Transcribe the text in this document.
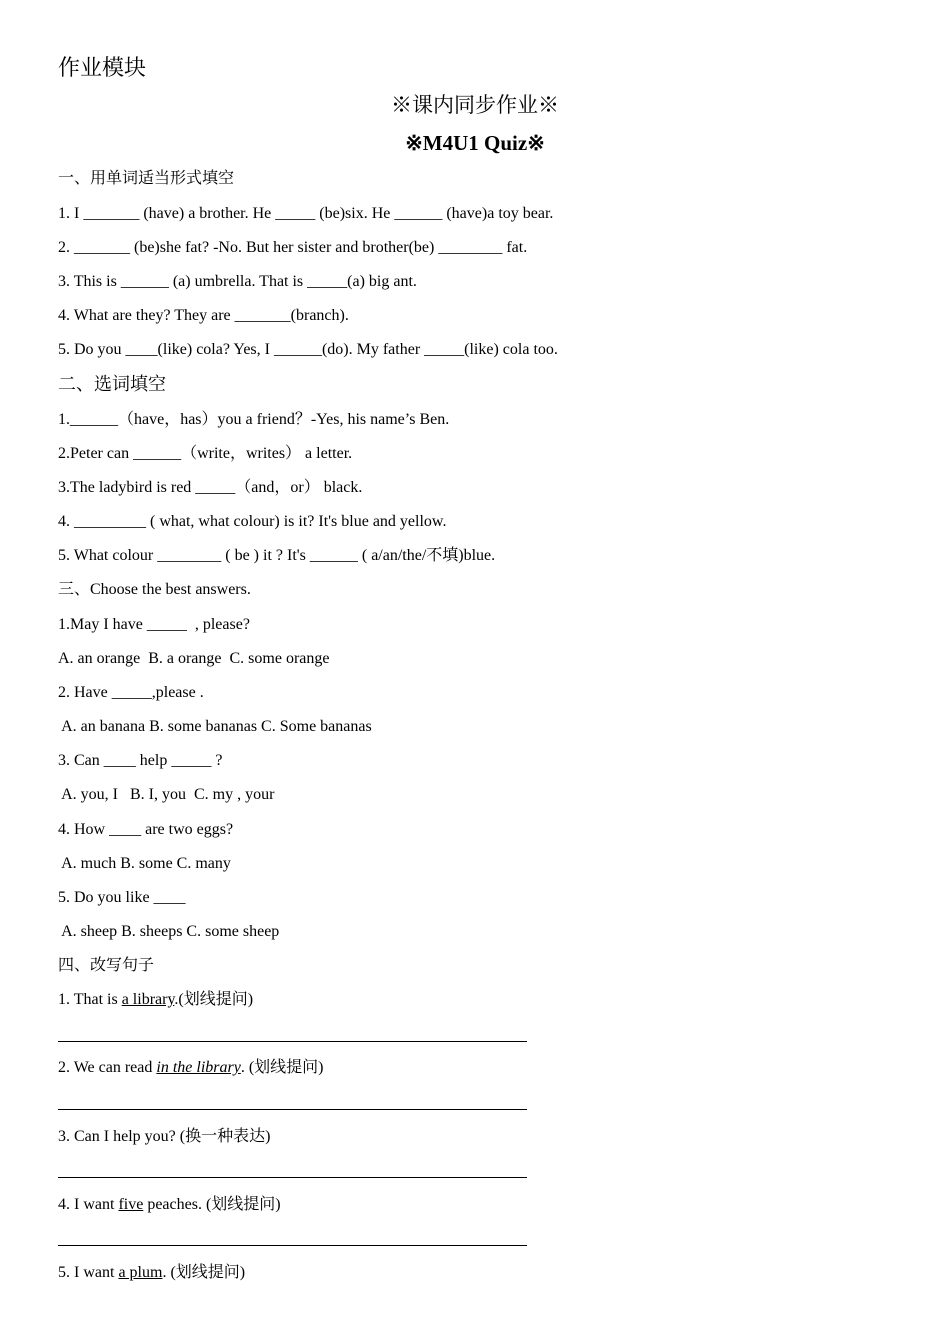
作业模块
※课内同步作业※
※M4U1 Quiz※
一、用单词适当形式填空
1. I _______ (have) a brother. He _____ (be)six. He ______ (have)a toy bear.
2. _______ (be)she fat? -No. But her sister and brother(be) ________ fat.
3. This is ______ (a) umbrella. That is _____(a) big ant.
4. What are they? They are _______(branch).
5. Do you ____(like) cola? Yes, I ______(do). My father _____(like) cola too.
二、选词填空
1.______（have，has）you a friend？-Yes, his name’s Ben.
2.Peter can ______（write，writes） a letter.
3.The ladybird is red _____（and，or） black.
4. _________ ( what, what colour) is it? It's blue and yellow.
5. What colour ________ ( be ) it ? It's ______ ( a/an/the/不填)blue.
三、Choose the best answers.
1.May I have _____  , please?
A. an orange  B. a orange  C. some orange
2. Have _____,please .
A. an banana B. some bananas C. Some bananas
3. Can ____ help _____ ?
A. you, I   B. I, you  C. my , your
4. How ____ are two eggs?
A. much B. some C. many
5. Do you like ____
A. sheep B. sheeps C. some sheep
四、改写句子
1. That is a library.(划线提问)
2. We can read in the library. (划线提问)
3. Can I help you? (换一种表达)
4. I want five peaches. (划线提问)
5. I want a plum. (划线提问)
